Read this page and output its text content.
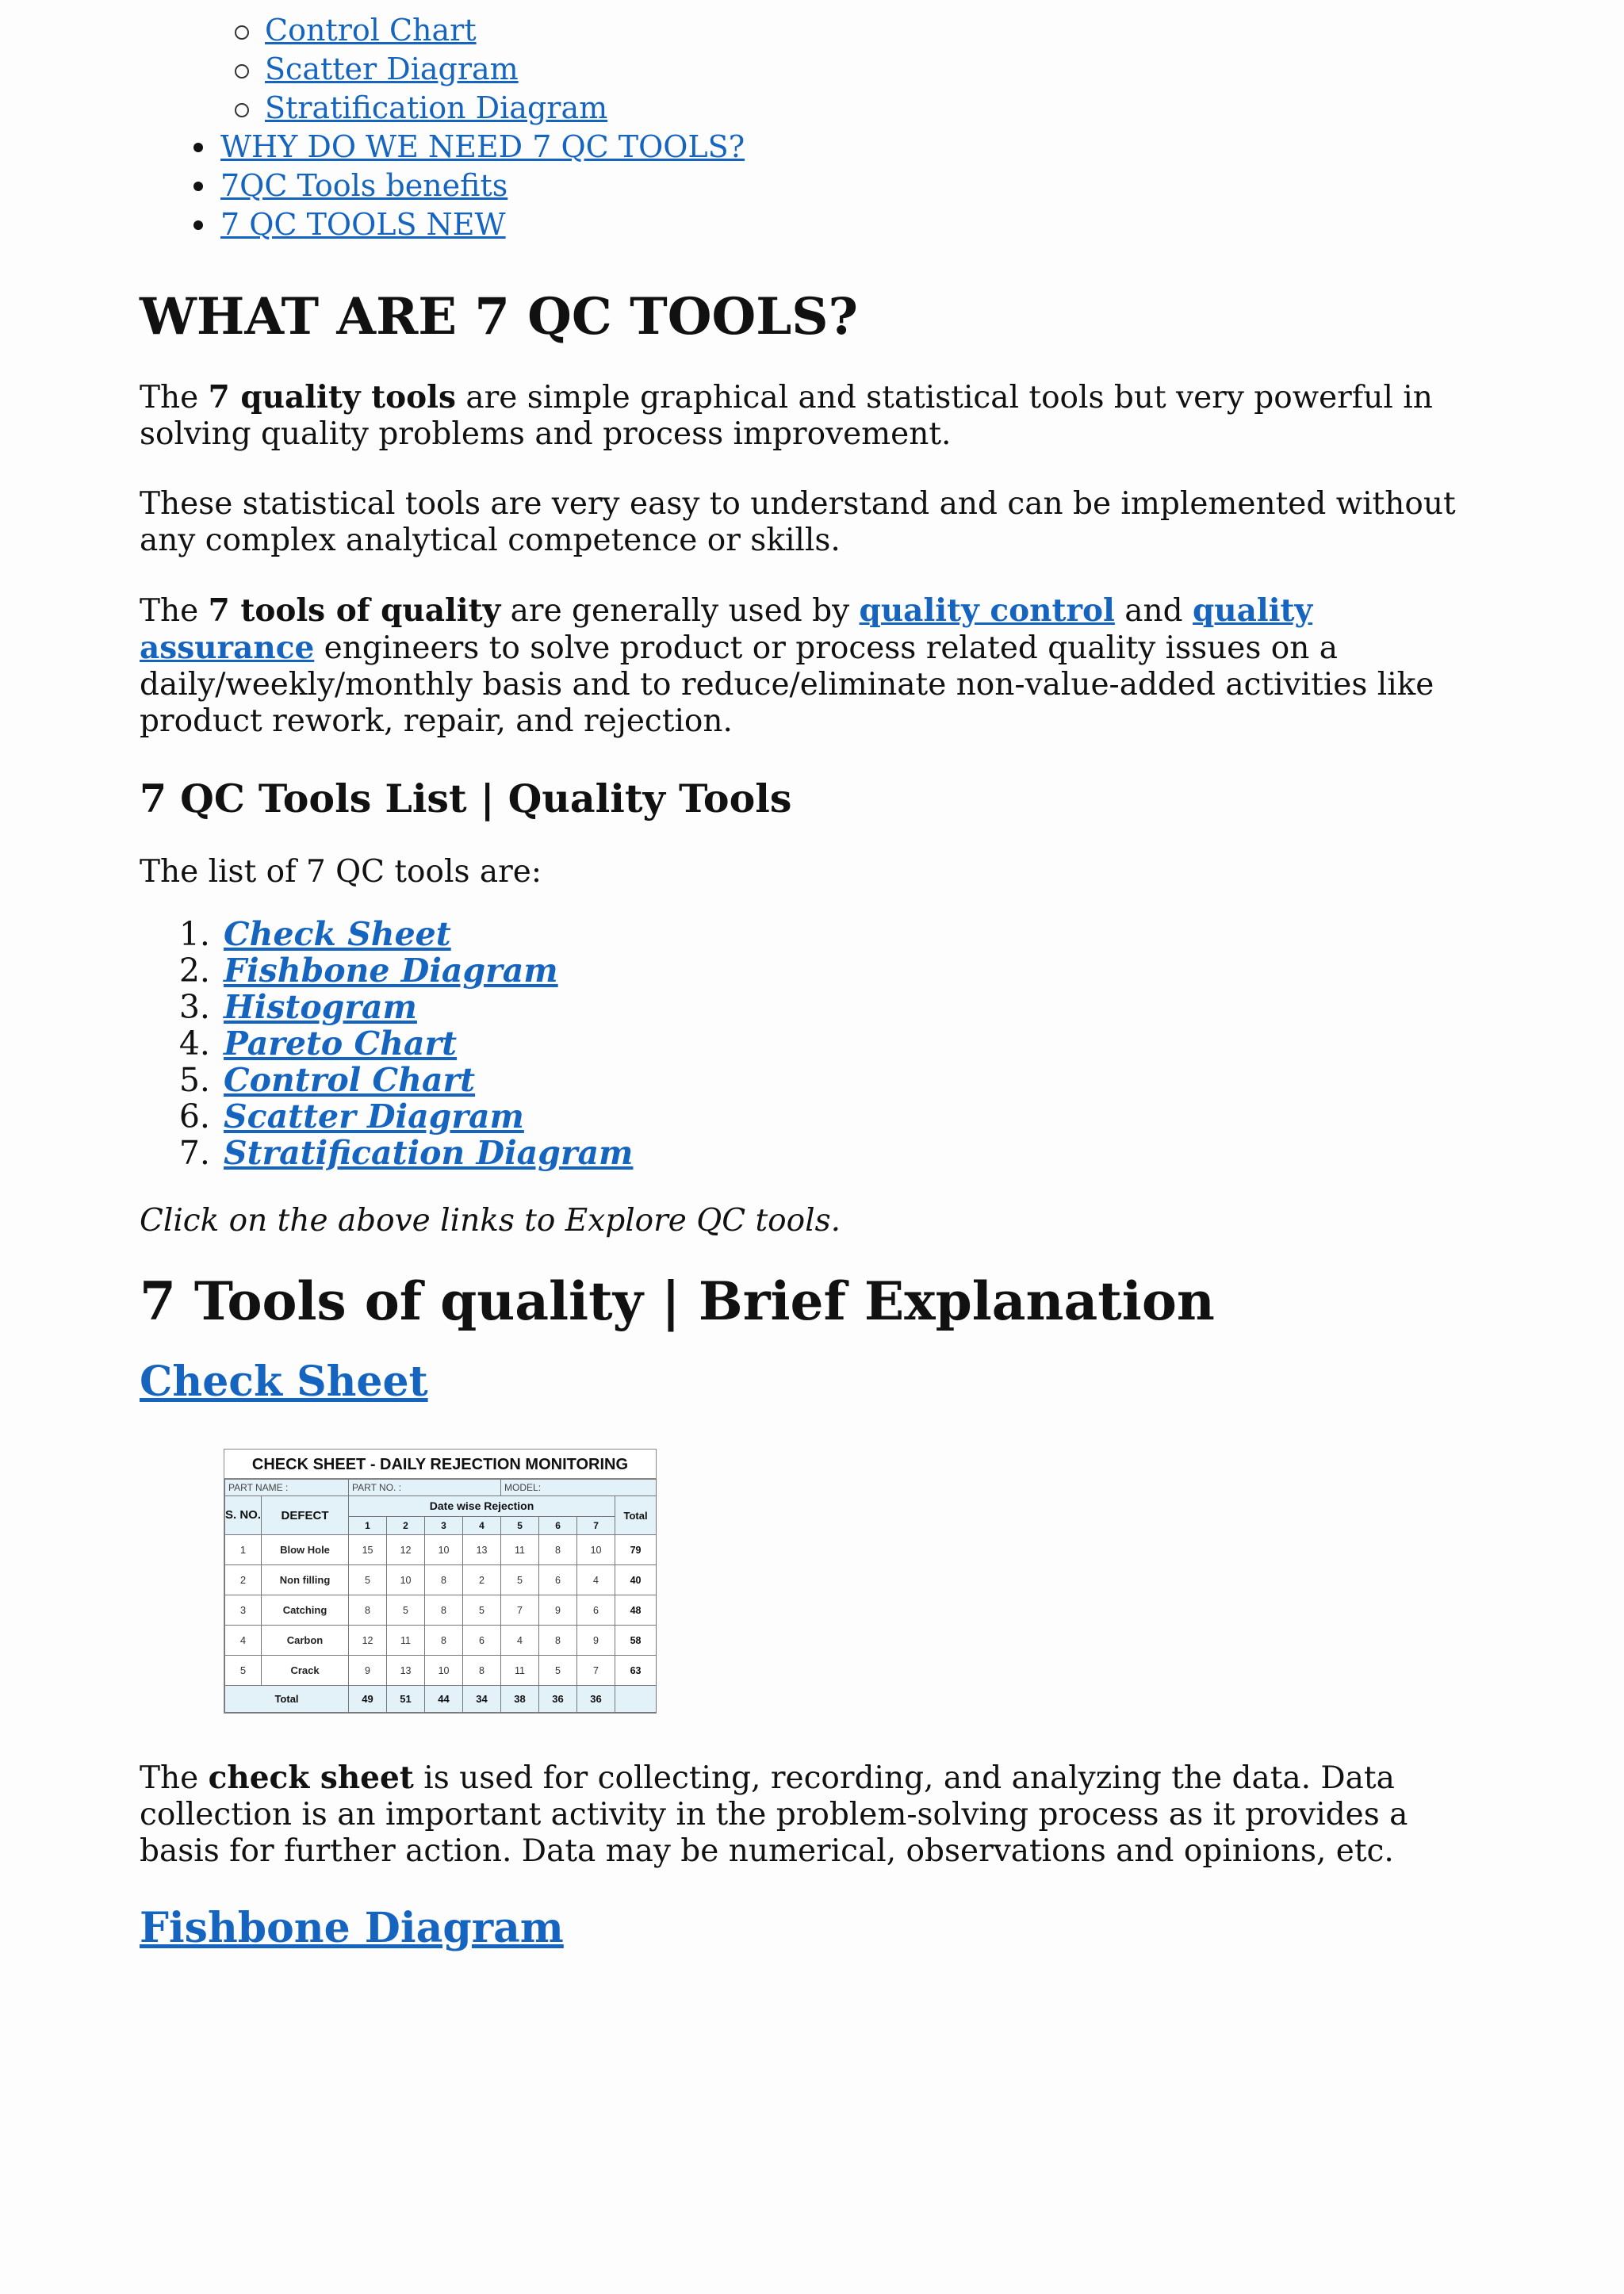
Control Chart
Scatter Diagram
Stratification Diagram
WHY DO WE NEED 7 QC TOOLS?
7QC Tools benefits
7 QC TOOLS NEW
WHAT ARE 7 QC TOOLS?

The 7 quality tools are simple graphical and statistical tools but very powerful in solving quality problems and process improvement.

These statistical tools are very easy to understand and can be implemented without any complex analytical competence or skills.

The 7 tools of quality are generally used by quality control and quality assurance engineers to solve product or process related quality issues on a daily/weekly/monthly basis and to reduce/eliminate non-value-added activities like product rework, repair, and rejection.

7 QC Tools List | Quality Tools

The list of 7 QC tools are:

1. Check Sheet
2. Fishbone Diagram
3. Histogram
4. Pareto Chart
5. Control Chart
6. Scatter Diagram
7. Stratification Diagram

Click on the above links to Explore QC tools.

7 Tools of quality | Brief Explanation
Check Sheet
CHECK SHEET - DAILY REJECTION MONITORING
PART NAME :		PART NO. :				MODEL:			
S. NO.	DEFECT	Date wise Rejection							Total
		1	2	3	4	5	6	7	
1	Blow Hole	15	12	10	13	11	8	10	79
2	Non filling	5	10	8	2	5	6	4	40
3	Catching	8	5	8	5	7	9	6	48
4	Carbon	12	11	8	6	4	8	9	58
5	Crack	9	13	10	8	11	5	7	63
Total		49	51	44	34	38	36	36	

The check sheet is used for collecting, recording, and analyzing the data. Data collection is an important activity in the problem-solving process as it provides a basis for further action. Data may be numerical, observations and opinions, etc.

Fishbone Diagram
